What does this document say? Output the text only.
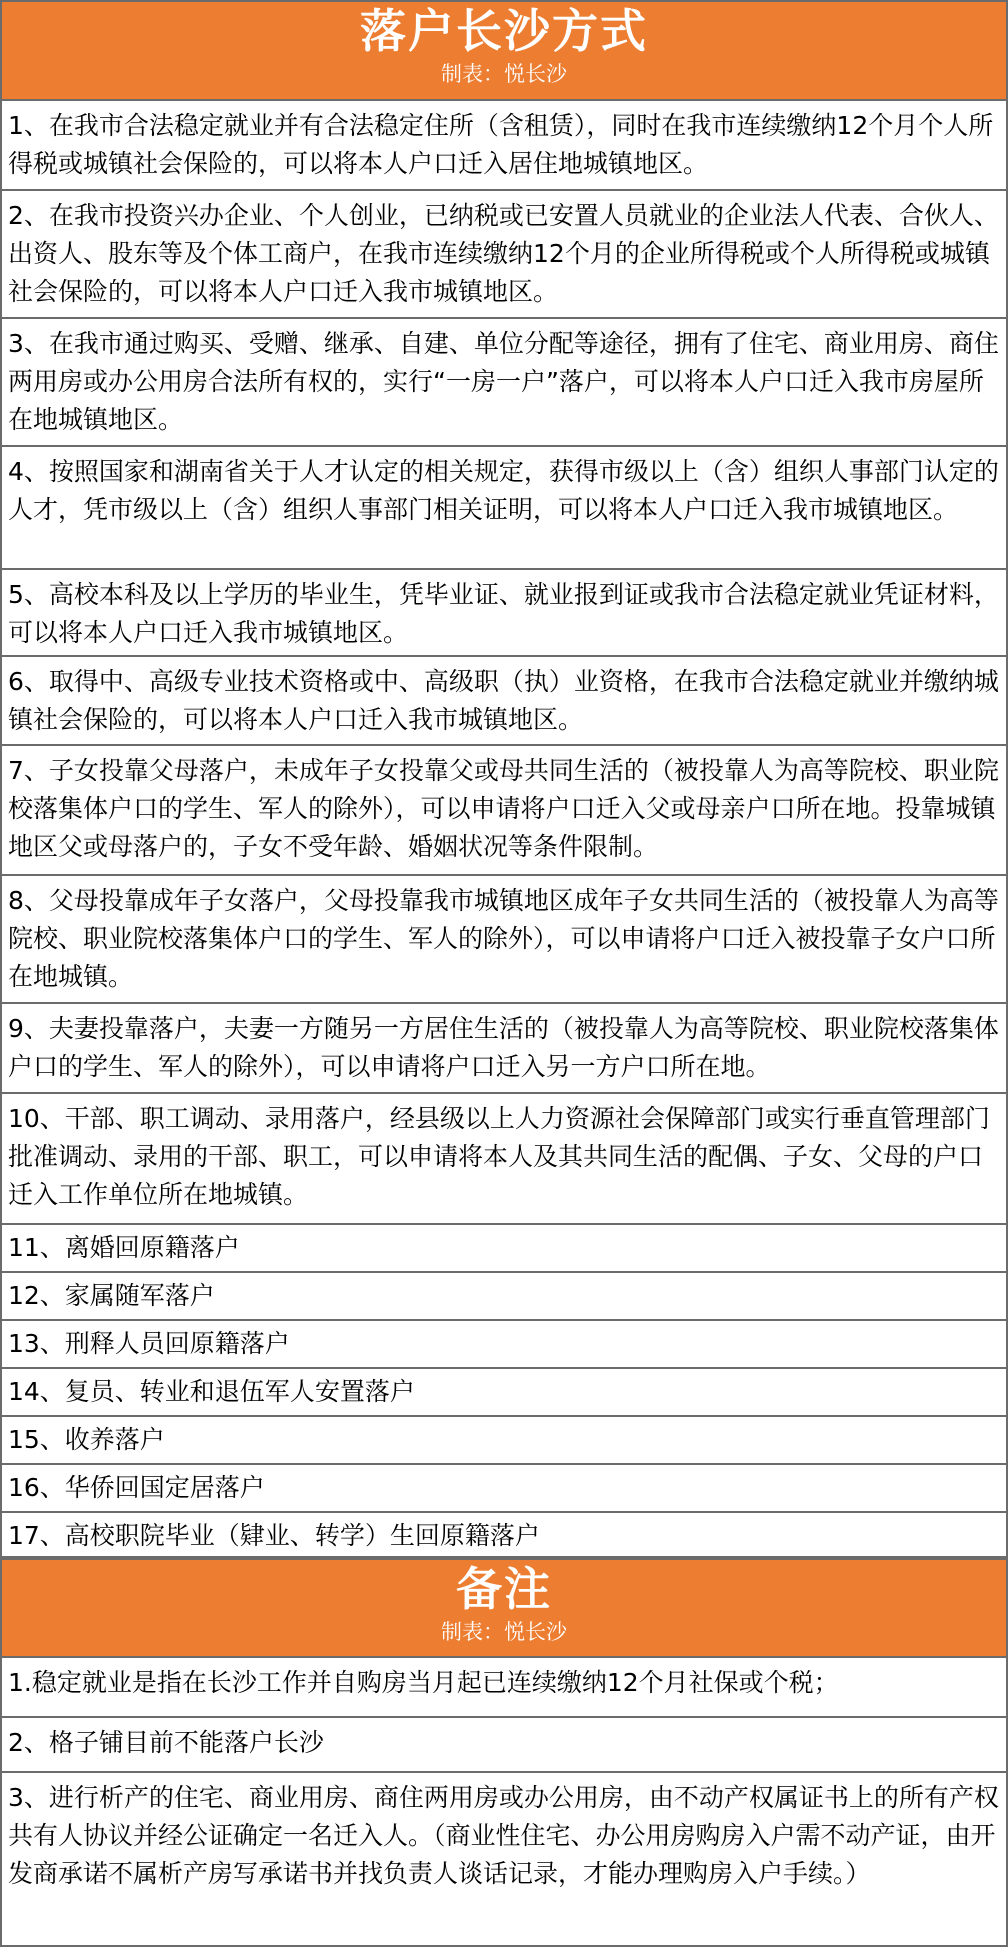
落户长沙方式
制表：悦长沙
1、在我市合法稳定就业并有合法稳定住所（含租赁），同时在我市连续缴纳12个月个人所得税或城镇社会保险的，可以将本人户口迁入居住地城镇地区。
2、在我市投资兴办企业、个人创业，已纳税或已安置人员就业的企业法人代表、合伙人、出资人、股东等及个体工商户，在我市连续缴纳12个月的企业所得税或个人所得税或城镇社会保险的，可以将本人户口迁入我市城镇地区。
3、在我市通过购买、受赠、继承、自建、单位分配等途径，拥有了住宅、商业用房、商住两用房或办公用房合法所有权的，实行“一房一户”落户，可以将本人户口迁入我市房屋所在地城镇地区。
4、按照国家和湖南省关于人才认定的相关规定，获得市级以上（含）组织人事部门认定的人才，凭市级以上（含）组织人事部门相关证明，可以将本人户口迁入我市城镇地区。
5、高校本科及以上学历的毕业生，凭毕业证、就业报到证或我市合法稳定就业凭证材料，可以将本人户口迁入我市城镇地区。
6、取得中、高级专业技术资格或中、高级职（执）业资格，在我市合法稳定就业并缴纳城镇社会保险的，可以将本人户口迁入我市城镇地区。
7、子女投靠父母落户，未成年子女投靠父或母共同生活的（被投靠人为高等院校、职业院校落集体户口的学生、军人的除外），可以申请将户口迁入父或母亲户口所在地。投靠城镇地区父或母落户的，子女不受年龄、婚姻状况等条件限制。
8、父母投靠成年子女落户，父母投靠我市城镇地区成年子女共同生活的（被投靠人为高等院校、职业院校落集体户口的学生、军人的除外），可以申请将户口迁入被投靠子女户口所在地城镇。
9、夫妻投靠落户，夫妻一方随另一方居住生活的（被投靠人为高等院校、职业院校落集体户口的学生、军人的除外），可以申请将户口迁入另一方户口所在地。
10、干部、职工调动、录用落户，经县级以上人力资源社会保障部门或实行垂直管理部门批准调动、录用的干部、职工，可以申请将本人及其共同生活的配偶、子女、父母的户口迁入工作单位所在地城镇。
11、离婚回原籍落户
12、家属随军落户
13、刑释人员回原籍落户
14、复员、转业和退伍军人安置落户
15、收养落户
16、华侨回国定居落户
17、高校职院毕业（肄业、转学）生回原籍落户
备注
制表：悦长沙
1.稳定就业是指在长沙工作并自购房当月起已连续缴纳12个月社保或个税；
2、格子铺目前不能落户长沙
3、进行析产的住宅、商业用房、商住两用房或办公用房，由不动产权属证书上的所有产权共有人协议并经公证确定一名迁入人。（商业性住宅、办公用房购房入户需不动产证，由开发商承诺不属析产房写承诺书并找负责人谈话记录，才能办理购房入户手续。）
